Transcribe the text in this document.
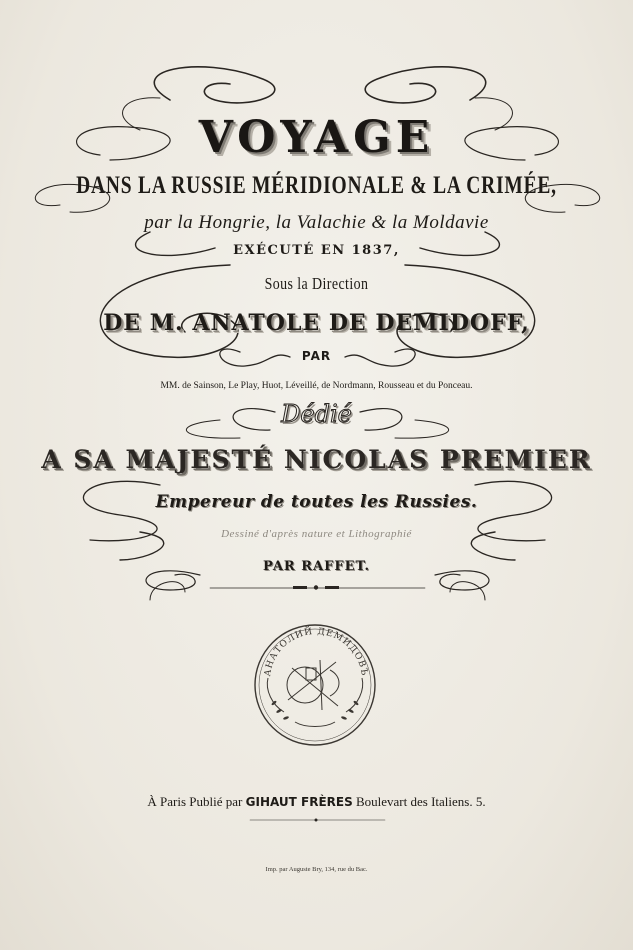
АНАТОЛИЙ ДЕМИДОВЪ
VOYAGE
DANS LA RUSSIE MÉRIDIONALE & LA CRIMÉE,
par la Hongrie, la Valachie & la Moldavie
EXÉCUTÉ EN 1837,
Sous la Direction
DE M. ANATOLE DE DEMIDOFF,
PAR
MM. de Sainson, Le Play, Huot, Léveillé, de Nordmann, Rousseau et du Ponceau.
Dédié
A SA MAJESTÉ NICOLAS PREMIER
Empereur de toutes les Russies.
Dessiné d'après nature et Lithographié
PAR RAFFET.
À Paris Publié par GIHAUT FRÈRES Boulevart des Italiens. 5.
Imp. par Auguste Bry, 134, rue du Bac.
